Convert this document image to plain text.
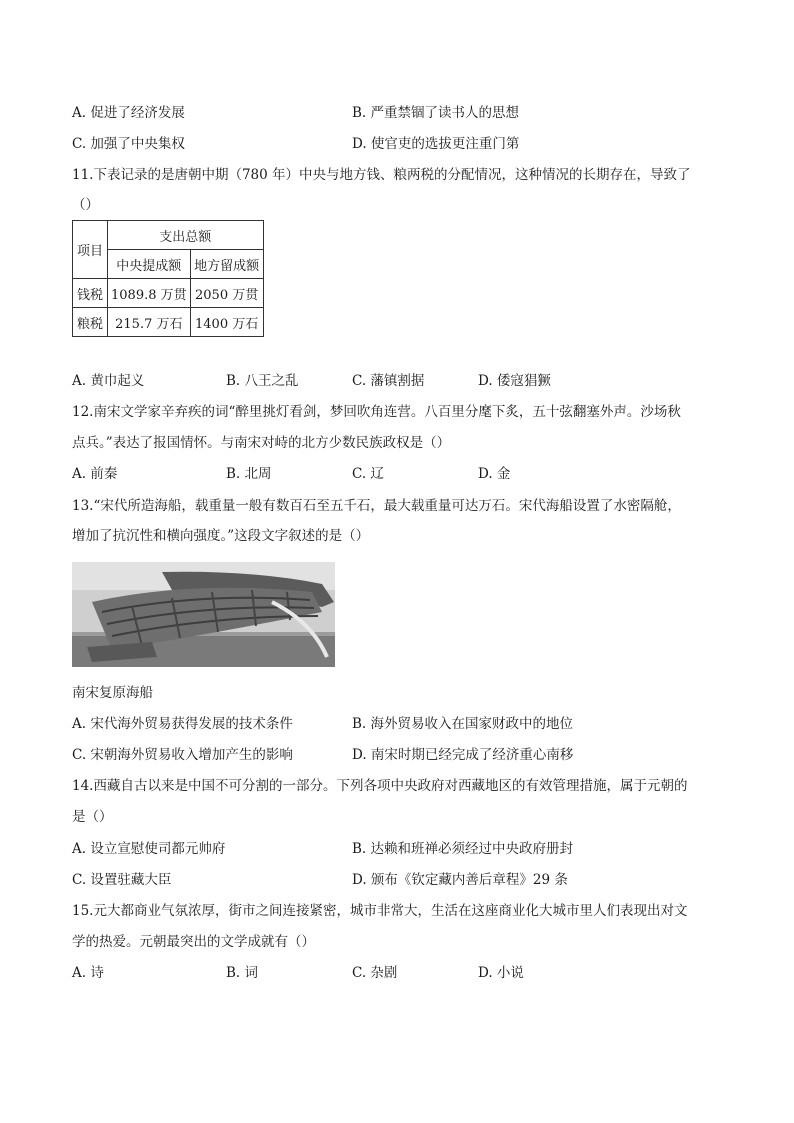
A. 促进了经济发展	B. 严重禁锢了读书人的思想
C. 加强了中央集权	D. 使官吏的选拔更注重门第
11.下表记录的是唐朝中期（780 年）中央与地方钱、粮两税的分配情况，这种情况的长期存在，导致了
（）
项目	支出总额	
	中央提成额	地方留成额
钱税	1089.8 万贯	2050 万贯
粮税	215.7 万石	1400 万石
A. 黄巾起义	B. 八王之乱	C. 藩镇割据	D. 倭寇猖獗
12.南宋文学家辛弃疾的词“醉里挑灯看剑，梦回吹角连营。八百里分麾下炙，五十弦翻塞外声。沙场秋
点兵。”表达了报国情怀。与南宋对峙的北方少数民族政权是（）
A. 前秦	B. 北周	C. 辽	D. 金
13.“宋代所造海船，载重量一般有数百石至五千石，最大载重量可达万石。宋代海船设置了水密隔舱，
增加了抗沉性和横向强度。”这段文字叙述的是（）
南宋复原海船
A. 宋代海外贸易获得发展的技术条件	B. 海外贸易收入在国家财政中的地位
C. 宋朝海外贸易收入增加产生的影响	D. 南宋时期已经完成了经济重心南移
14.西藏自古以来是中国不可分割的一部分。下列各项中央政府对西藏地区的有效管理措施，属于元朝的
是（）
A. 设立宣慰使司都元帅府	B. 达赖和班禅必须经过中央政府册封
C. 设置驻藏大臣	D. 颁布《钦定藏内善后章程》29 条
15.元大都商业气氛浓厚，街市之间连接紧密，城市非常大，生活在这座商业化大城市里人们表现出对文
学的热爱。元朝最突出的文学成就有（）
A. 诗	B. 词	C. 杂剧	D. 小说
